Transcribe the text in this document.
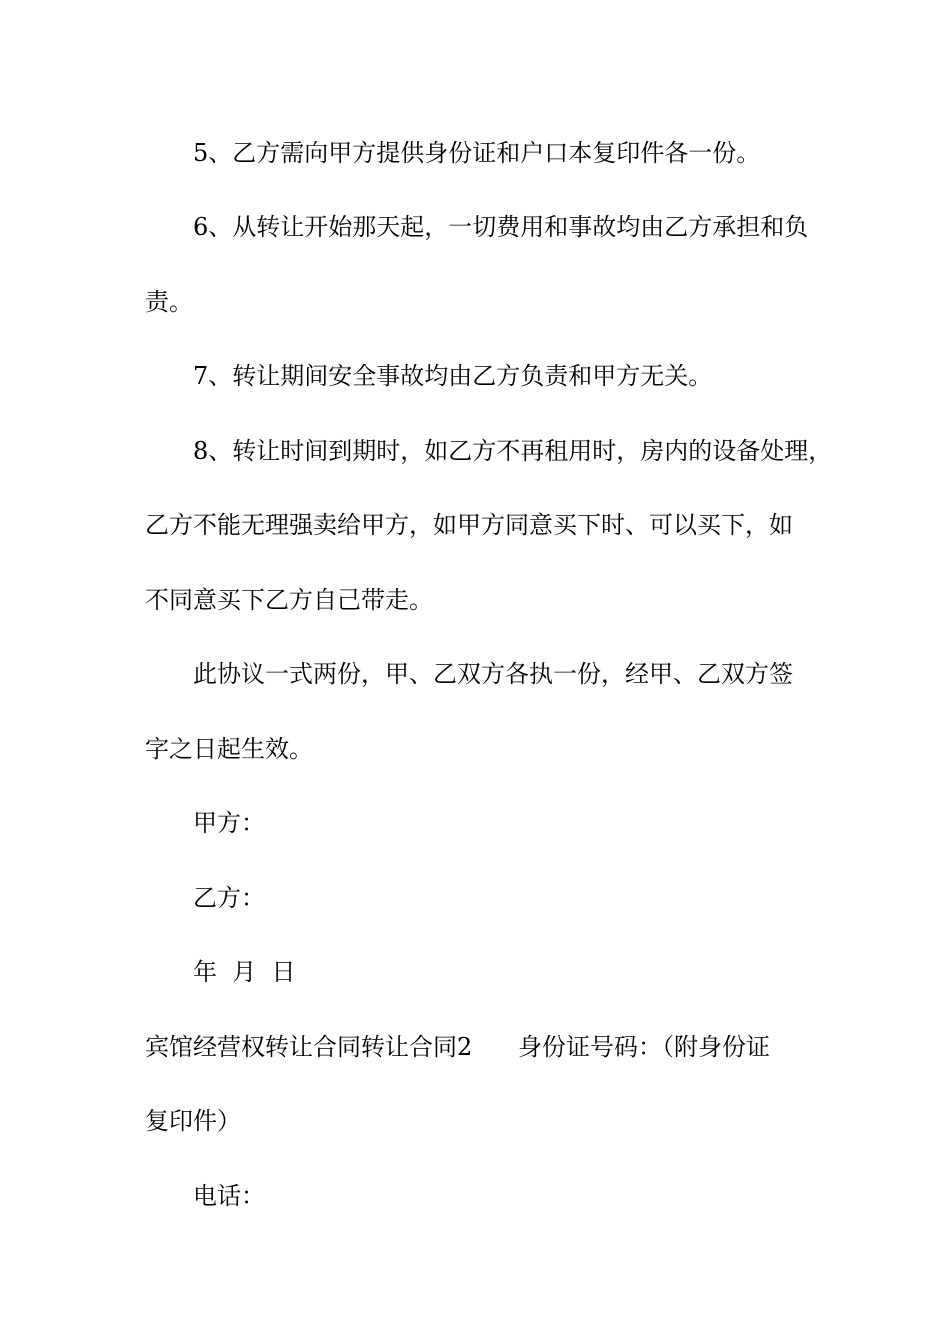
5、乙方需向甲方提供身份证和户口本复印件各一份。
6、从转让开始那天起，一切费用和事故均由乙方承担和负
责。
7、转让期间安全事故均由乙方负责和甲方无关。
8、转让时间到期时，如乙方不再租用时，房内的设备处理，
乙方不能无理强卖给甲方，如甲方同意买下时、可以买下，如
不同意买下乙方自己带走。
此协议一式两份，甲、乙双方各执一份，经甲、乙双方签
字之日起生效。
甲方：
乙方：
年  月  日
宾馆经营权转让合同转让合同2      身份证号码：（附身份证
复印件）
电话：
